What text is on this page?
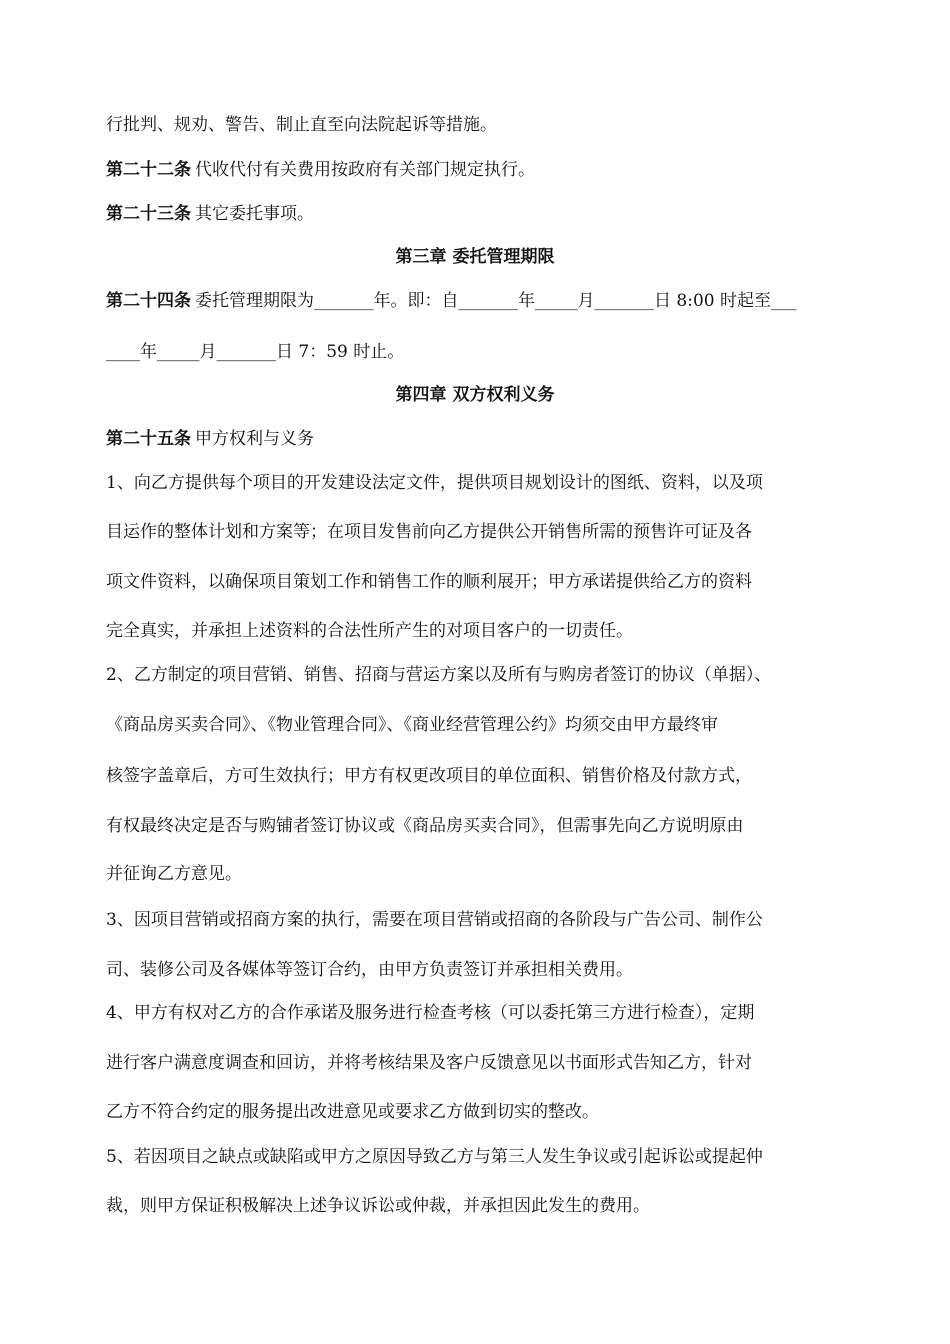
行批判、规劝、警告、制止直至向法院起诉等措施。
第二十二条 代收代付有关费用按政府有关部门规定执行。
第二十三条 其它委托事项。
第三章 委托管理期限
第二十四条 委托管理期限为_______年。即：自_______年_____月_______日 8:00 时起至___
____年_____月_______日 7：59 时止。
第四章 双方权利义务
第二十五条 甲方权利与义务
1、向乙方提供每个项目的开发建设法定文件，提供项目规划设计的图纸、资料，以及项
目运作的整体计划和方案等；在项目发售前向乙方提供公开销售所需的预售许可证及各
项文件资料，以确保项目策划工作和销售工作的顺利展开；甲方承诺提供给乙方的资料
完全真实，并承担上述资料的合法性所产生的对项目客户的一切责任。
2、乙方制定的项目营销、销售、招商与营运方案以及所有与购房者签订的协议（单据）、
《商品房买卖合同》、《物业管理合同》、《商业经营管理公约》均须交由甲方最终审
核签字盖章后，方可生效执行；甲方有权更改项目的单位面积、销售价格及付款方式，
有权最终决定是否与购铺者签订协议或《商品房买卖合同》，但需事先向乙方说明原由
并征询乙方意见。
3、因项目营销或招商方案的执行，需要在项目营销或招商的各阶段与广告公司、制作公
司、装修公司及各媒体等签订合约，由甲方负责签订并承担相关费用。
4、甲方有权对乙方的合作承诺及服务进行检查考核（可以委托第三方进行检查），定期
进行客户满意度调查和回访，并将考核结果及客户反馈意见以书面形式告知乙方，针对
乙方不符合约定的服务提出改进意见或要求乙方做到切实的整改。
5、若因项目之缺点或缺陷或甲方之原因导致乙方与第三人发生争议或引起诉讼或提起仲
裁，则甲方保证积极解决上述争议诉讼或仲裁，并承担因此发生的费用。
